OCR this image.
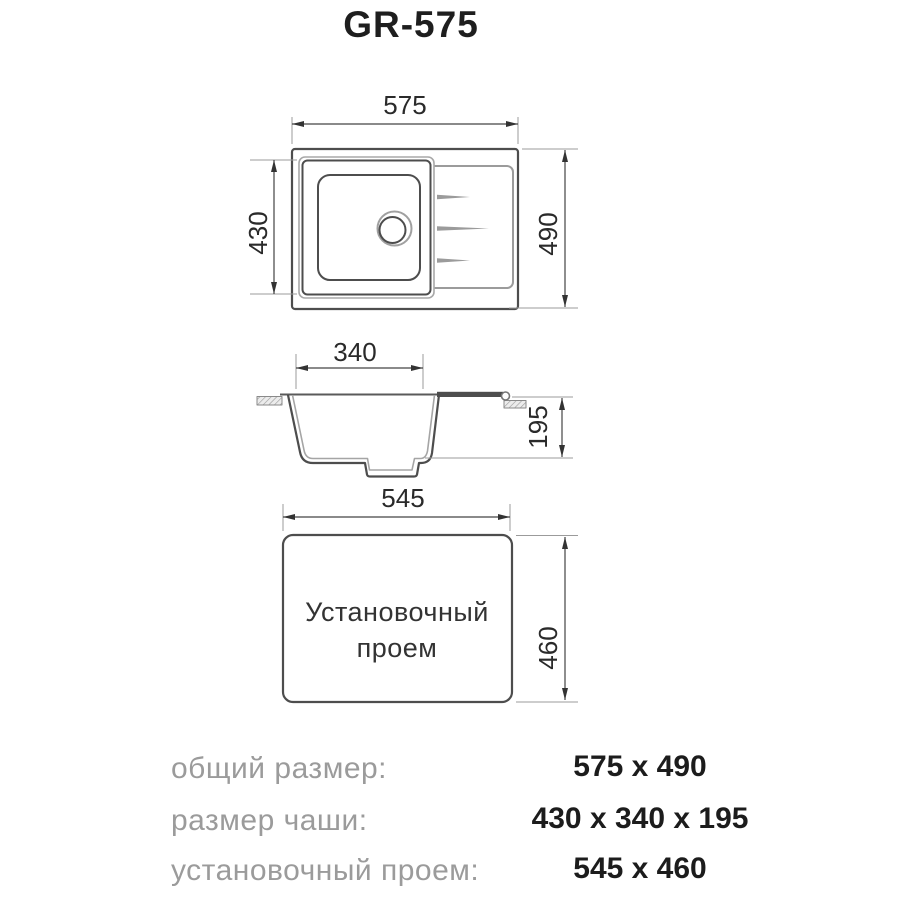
GR-575
575
430	490
340
195
Установочный
проем
545
460
общий размер:	575 x 490
размер чаши:	430 x 340 x 195
установочный проем:	545 x 460
